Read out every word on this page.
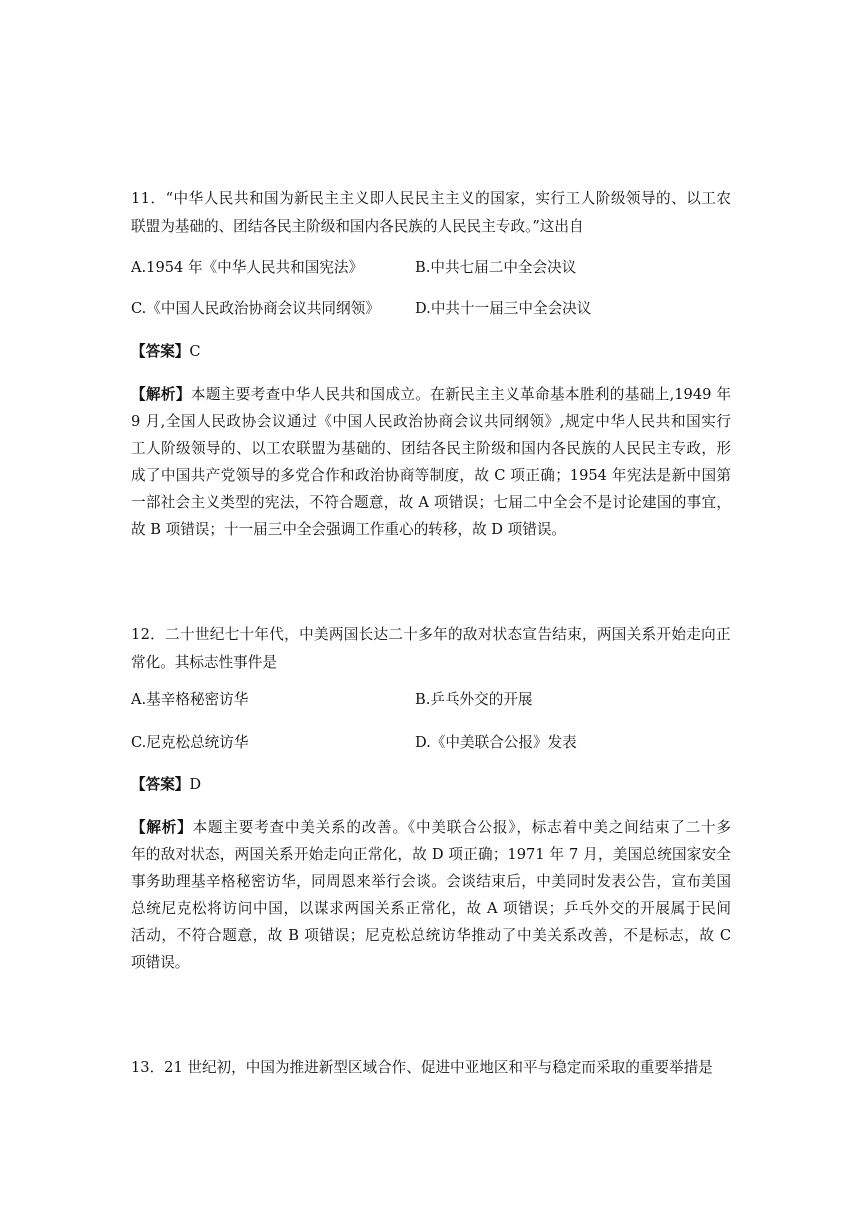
1 1 ． “ 中 华 人 民 共 和 国 为 新 民 主 主 义 即 人 民 民 主 主 义 的 国 家 ， 实 行 工 人 阶 级 领 导 的 、 以 工 农
联盟为基础的、团结各民主阶级和国内各民族的人民民主专政。”这出自
A.1954 年《中华人民共和国宪法》	B.中共七届二中全会决议
C.《中国人民政治协商会议共同纲领》 D.中共十一届三中全会决议
【答案】C
【解析】本题主要考查中华人民共和国成立。在新民主主义革命基本胜利的基础上,1949 年
9 月,全国人民政协会议通过《中国人民政治协商会议共同纲领》,规定中华人民共和国实行
工人阶级领导的、以工农联盟为基础的、团结各民主阶级和国内各民族的人民民主专政，形
成了中国共产党领导的多党合作和政治协商等制度，故 C 项正确；1954 年宪法是新中国第
一部社会主义类型的宪法，不符合题意，故 A 项错误；七届二中全会不是讨论建国的事宜，
故 B 项错误；十一届三中全会强调工作重心的转移，故 D 项错误。
1 2 ． 二 十 世 纪 七 十 年 代 ， 中 美 两 国 长 达 二 十 多 年 的 敌 对 状 态 宣 告 结 束 ， 两 国 关 系 开 始 走 向 正
常化。其标志性事件是
A.基辛格秘密访华	B.乒乓外交的开展
C.尼克松总统访华	D.《中美联合公报》发表
【答案】D
【解析】本题主要考查中美关系的改善。《中美联合公报》，标志着中美之间结束了二十多
年的敌对状态，两国关系开始走向正常化，故 D 项正确；1971 年 7 月，美国总统国家安全
事务助理基辛格秘密访华，同周恩来举行会谈。会谈结束后，中美同时发表公告，宣布美国
总统尼克松将访问中国，以谋求两国关系正常化，故 A 项错误；乒乓外交的开展属于民间
活动，不符合题意，故 B 项错误；尼克松总统访华推动了中美关系改善，不是标志，故 C
项错误。
13．21 世纪初，中国为推进新型区域合作、促进中亚地区和平与稳定而采取的重要举措是
